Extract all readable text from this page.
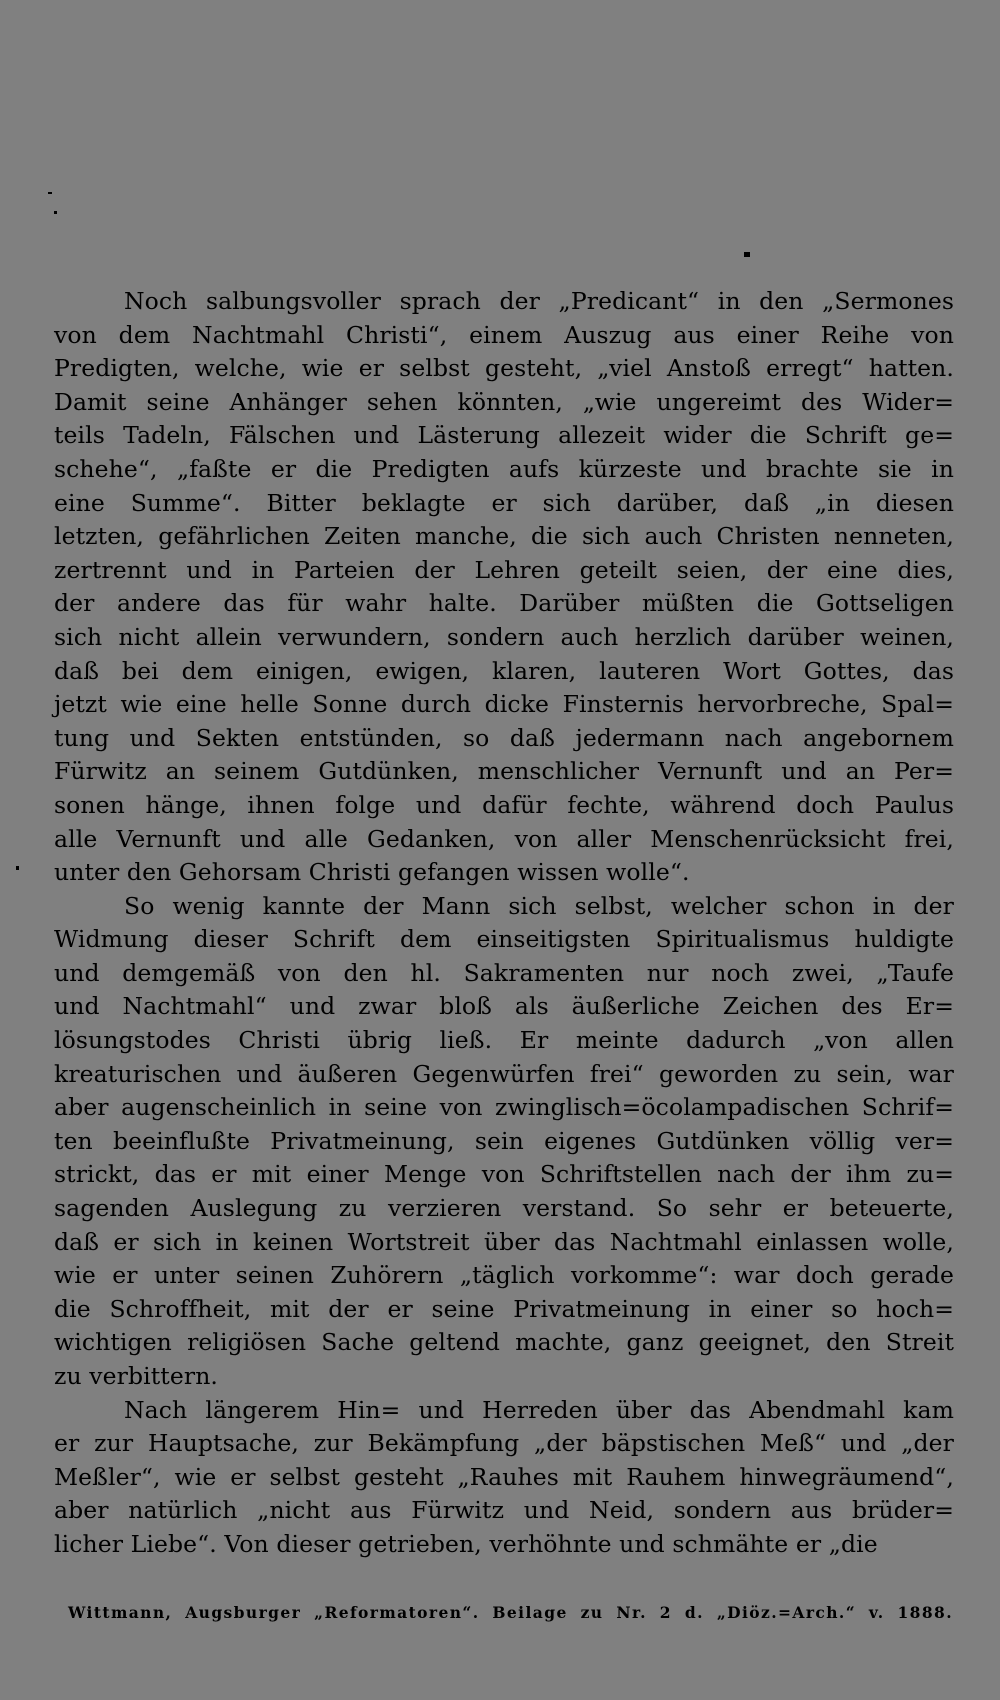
Noch salbungsvoller sprach der „Predicant“ in den „Sermones
von dem Nachtmahl Christi“, einem Auszug aus einer Reihe von
Predigten, welche, wie er selbst gesteht, „viel Anstoß erregt“ hatten.
Damit seine Anhänger sehen könnten, „wie ungereimt des Wider=
teils Tadeln, Fälschen und Lästerung allezeit wider die Schrift ge=
schehe“, „faßte er die Predigten aufs kürzeste und brachte sie in
eine Summe“. Bitter beklagte er sich darüber, daß „in diesen
letzten, gefährlichen Zeiten manche, die sich auch Christen nenneten,
zertrennt und in Parteien der Lehren geteilt seien, der eine dies,
der andere das für wahr halte. Darüber müßten die Gottseligen
sich nicht allein verwundern, sondern auch herzlich darüber weinen,
daß bei dem einigen, ewigen, klaren, lauteren Wort Gottes, das
jetzt wie eine helle Sonne durch dicke Finsternis hervorbreche, Spal=
tung und Sekten entstünden, so daß jedermann nach angebornem
Fürwitz an seinem Gutdünken, menschlicher Vernunft und an Per=
sonen hänge, ihnen folge und dafür fechte, während doch Paulus
alle Vernunft und alle Gedanken, von aller Menschenrücksicht frei,
unter den Gehorsam Christi gefangen wissen wolle“.
So wenig kannte der Mann sich selbst, welcher schon in der
Widmung dieser Schrift dem einseitigsten Spiritualismus huldigte
und demgemäß von den hl. Sakramenten nur noch zwei, „Taufe
und Nachtmahl“ und zwar bloß als äußerliche Zeichen des Er=
lösungstodes Christi übrig ließ. Er meinte dadurch „von allen
kreaturischen und äußeren Gegenwürfen frei“ geworden zu sein, war
aber augenscheinlich in seine von zwinglisch=öcolampadischen Schrif=
ten beeinflußte Privatmeinung, sein eigenes Gutdünken völlig ver=
strickt, das er mit einer Menge von Schriftstellen nach der ihm zu=
sagenden Auslegung zu verzieren verstand. So sehr er beteuerte,
daß er sich in keinen Wortstreit über das Nachtmahl einlassen wolle,
wie er unter seinen Zuhörern „täglich vorkomme“: war doch gerade
die Schroffheit, mit der er seine Privatmeinung in einer so hoch=
wichtigen religiösen Sache geltend machte, ganz geeignet, den Streit
zu verbittern.
Nach längerem Hin= und Herreden über das Abendmahl kam
er zur Hauptsache, zur Bekämpfung „der bäpstischen Meß“ und „der
Meßler“, wie er selbst gesteht „Rauhes mit Rauhem hinwegräumend“,
aber natürlich „nicht aus Fürwitz und Neid, sondern aus brüder=
licher Liebe“. Von dieser getrieben, verhöhnte und schmähte er „die
Wittmann, Augsburger „Reformatoren“. Beilage zu Nr. 2 d. „Diöz.=Arch.“ v. 1888.
